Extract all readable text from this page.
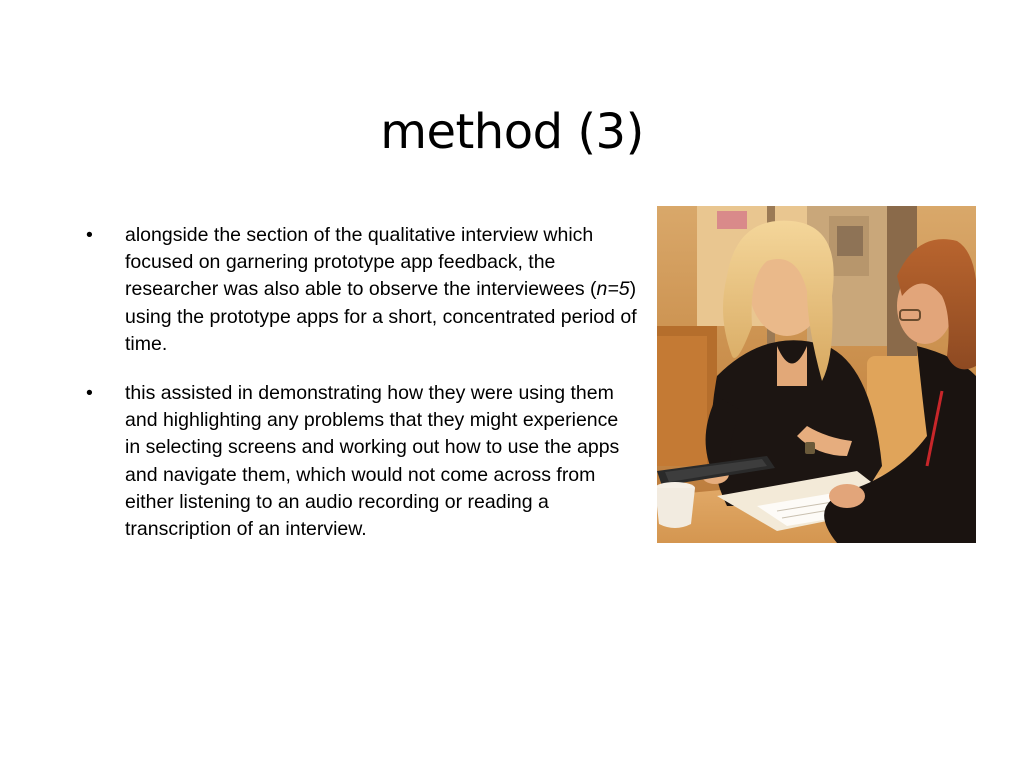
method (3)
•	alongside the section of the qualitative interview which focused on garnering prototype app feedback, the researcher was also able to observe the interviewees (n=5) using the prototype apps for a short, concentrated period of time.
•	this assisted in demonstrating how they were using them and highlighting any problems that they might experience in selecting screens and working out how to use the apps and navigate them, which would not come across from either listening to an audio recording or reading a transcription of an interview.
